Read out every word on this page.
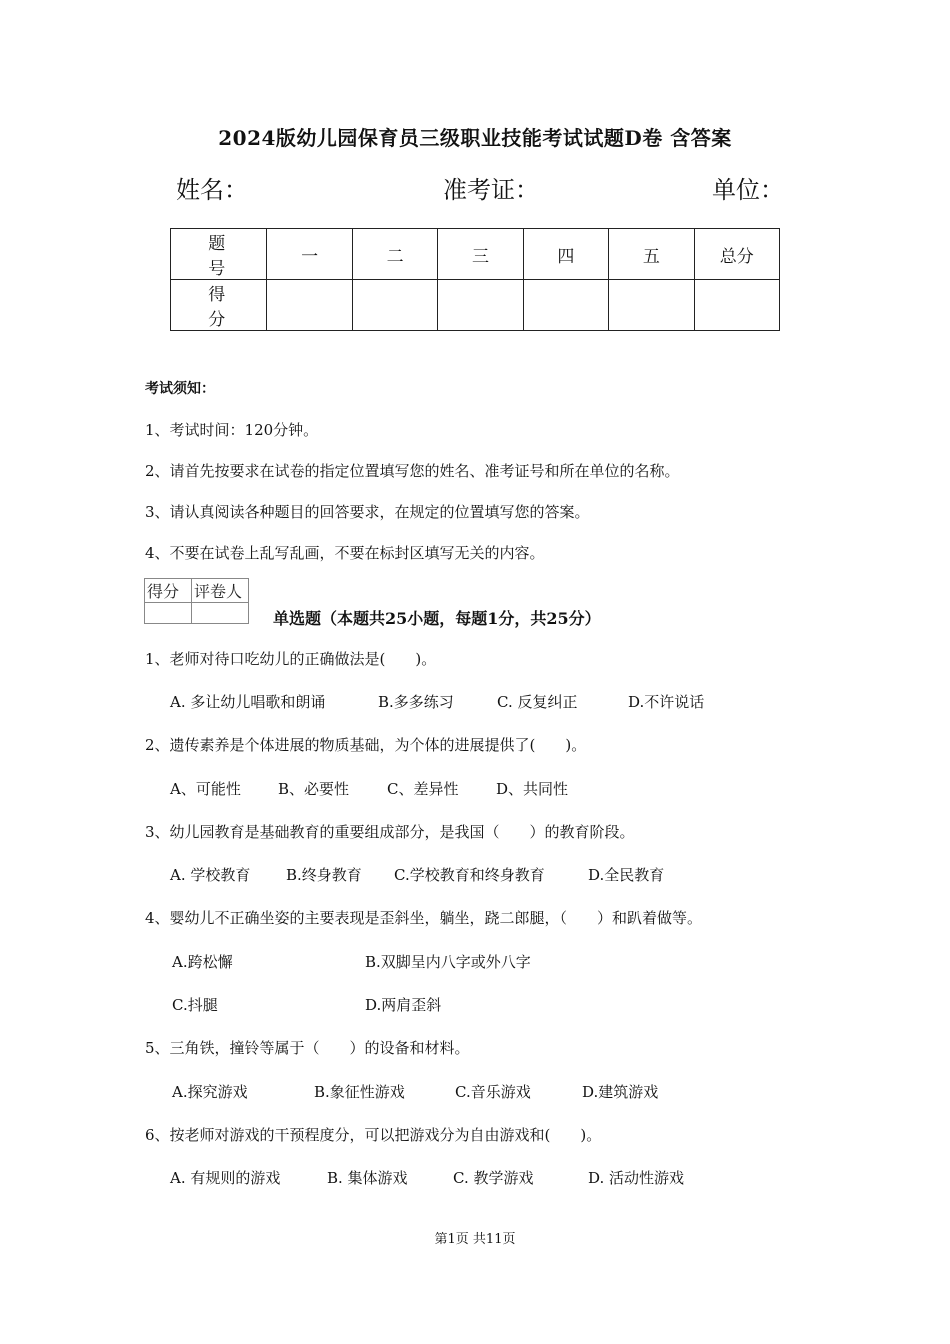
2024版幼儿园保育员三级职业技能考试试题D卷 含答案
姓名：	准考证：	单位：
题　号	一	二	三	四	五	总分
得　分						
考试须知：
1、考试时间：120分钟。
2、请首先按要求在试卷的指定位置填写您的姓名、准考证号和所在单位的名称。
3、请认真阅读各种题目的回答要求，在规定的位置填写您的答案。
4、不要在试卷上乱写乱画，不要在标封区填写无关的内容。
得分	评卷人

单选题（本题共25小题，每题1分，共25分）
1、老师对待口吃幼儿的正确做法是(　　)。
A. 多让幼儿唱歌和朗诵	B.多多练习	C. 反复纠正	D.不许说话
2、遗传素养是个体进展的物质基础，为个体的进展提供了(　　)。
A、可能性 B、必要性	C、差异性	D、共同性
3、幼儿园教育是基础教育的重要组成部分，是我国（　　）的教育阶段。
A. 学校教育 B.终身教育 C.学校教育和终身教育	D.全民教育
4、婴幼儿不正确坐姿的主要表现是歪斜坐，躺坐，跷二郎腿，（　　）和趴着做等。
A.跨松懈	B.双脚呈内八字或外八字
C.抖腿	D.两肩歪斜
5、三角铁，撞铃等属于（　　）的设备和材料。
A.探究游戏	B.象征性游戏	C.音乐游戏	D.建筑游戏
6、按老师对游戏的干预程度分，可以把游戏分为自由游戏和(　　)。
A. 有规则的游戏	B. 集体游戏	C. 教学游戏	D. 活动性游戏
第1页 共11页
